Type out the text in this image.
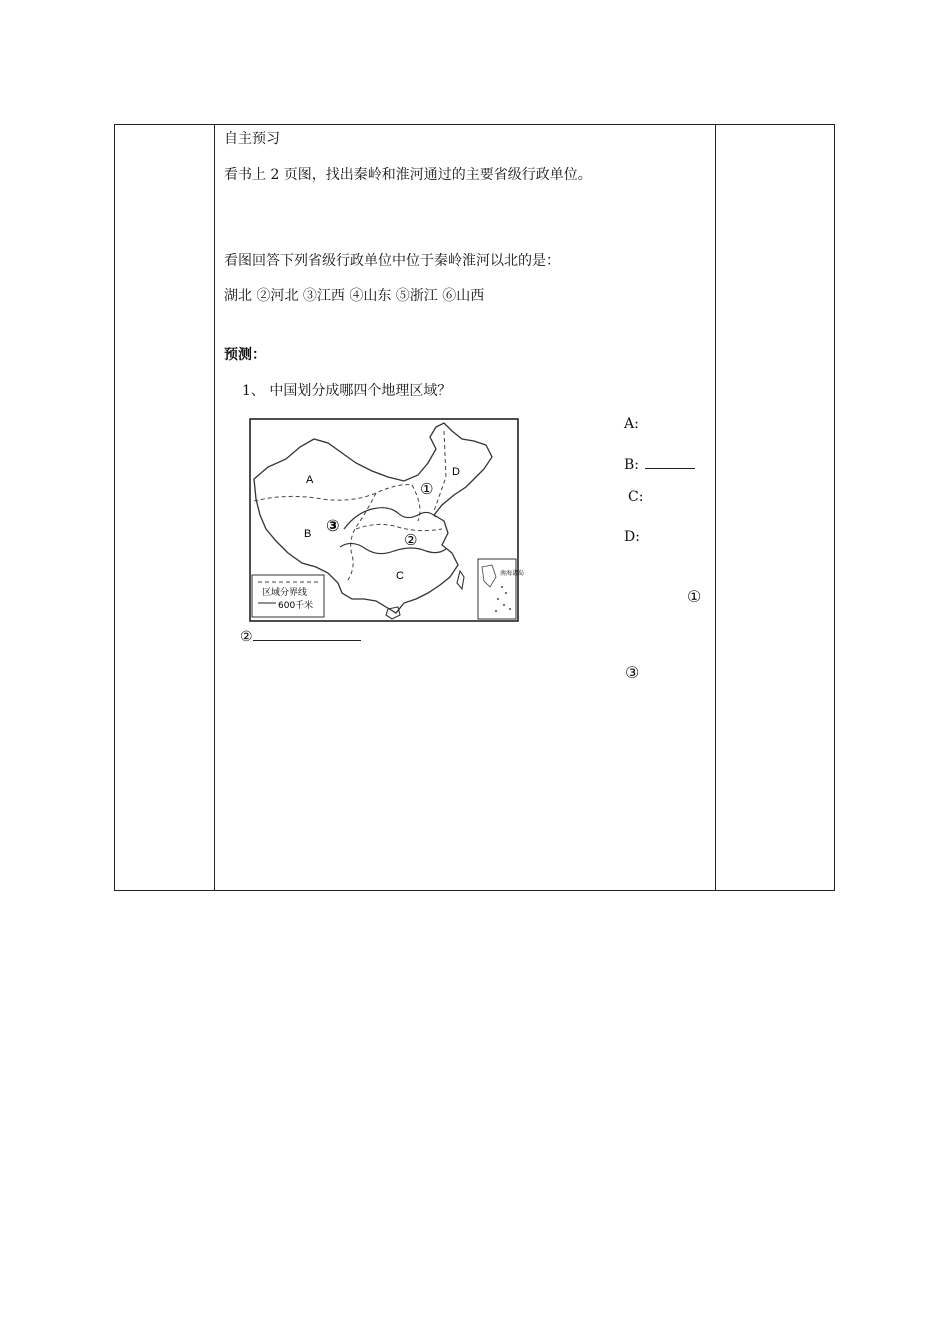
自主预习
看书上 2 页图，找出秦岭和淮河通过的主要省级行政单位。
看图回答下列省级行政单位中位于秦岭淮河以北的是：
湖北 ②河北 ③江西 ④山东 ⑤浙江 ⑥山西
预测：
1、 中国划分成哪四个地理区域？
A:
B:
C:
D:
①
②
③
A
B
C
D
①
②
③
区域分界线
600千米
南海诸岛
